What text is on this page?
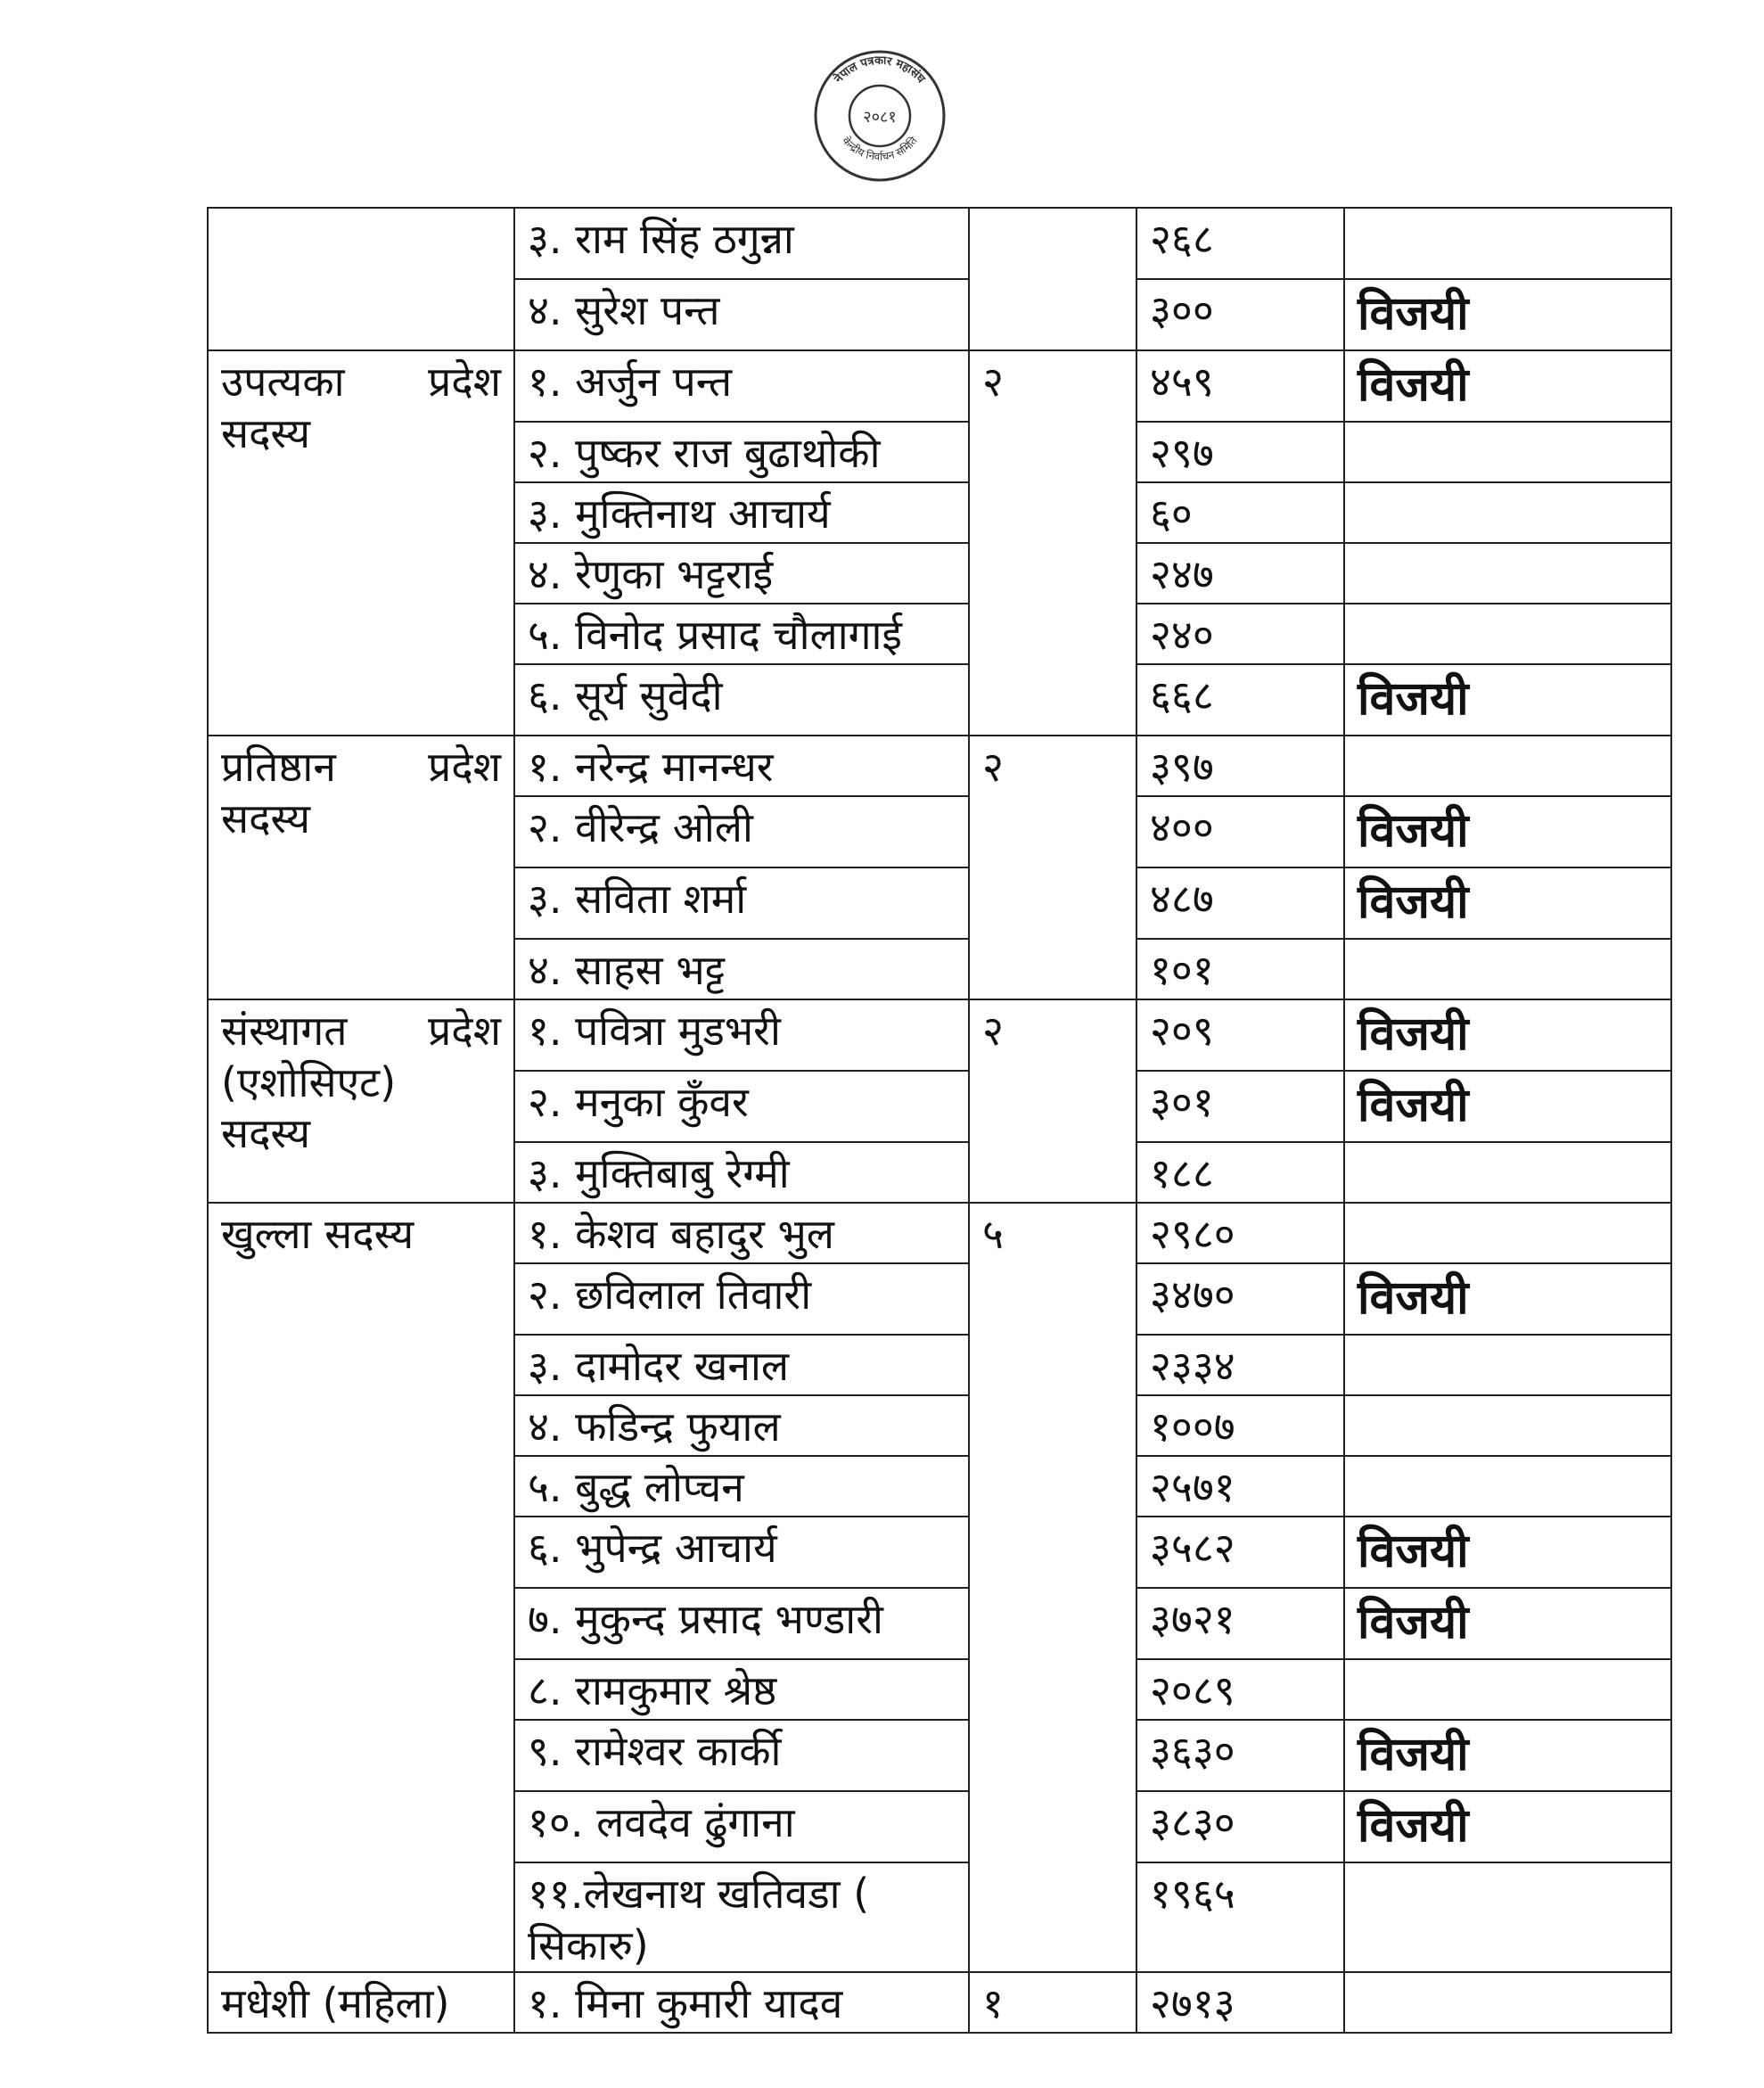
नेपाल पत्रकार महासंघ
केन्द्रीय निर्वाचन समिति
२०८१

	३. राम सिंह ठगुन्ना		२६८	

	४. सुरेश पन्त		३००	विजयी

उपत्यका प्रदेश
सदस्य	१. अर्जुन पन्त	२	४५९	विजयी

	२. पुष्कर राज बुढाथोकी		२९७	

	३. मुक्तिनाथ आचार्य		६०	

	४. रेणुका भट्टराई		२४७	

	५. विनोद प्रसाद चौलागाई		२४०	

	६. सूर्य सुवेदी		६६८	विजयी

प्रतिष्ठान प्रदेश
सदस्य	१. नरेन्द्र मानन्धर	२	३९७	

	२. वीरेन्द्र ओली		४००	विजयी

	३. सविता शर्मा		४८७	विजयी

	४. साहस भट्ट		१०१	

संस्थागत प्रदेश
(एशोसिएट)
सदस्य	१. पवित्रा मुडभरी	२	२०९	विजयी

	२. मनुका कुँवर		३०१	विजयी

	३. मुक्तिबाबु रेग्मी		१८८	

खुल्ला सदस्य	१. केशव बहादुर भुल	५	२९८०	

	२. छविलाल तिवारी		३४७०	विजयी

	३. दामोदर खनाल		२३३४	

	४. फडिन्द्र फुयाल		१००७	

	५. बुद्ध लोप्चन		२५७१	

	६. भुपेन्द्र आचार्य		३५८२	विजयी

	७. मुकुन्द प्रसाद भण्डारी		३७२१	विजयी

	८. रामकुमार श्रेष्ठ		२०८९	

	९. रामेश्वर कार्की		३६३०	विजयी

	१०. लवदेव ढुंगाना		३८३०	विजयी

	११.लेखनाथ खतिवडा ( सिकारु)		१९६५	

मधेशी (महिला)	१. मिना कुमारी यादव	१	२७१३	
